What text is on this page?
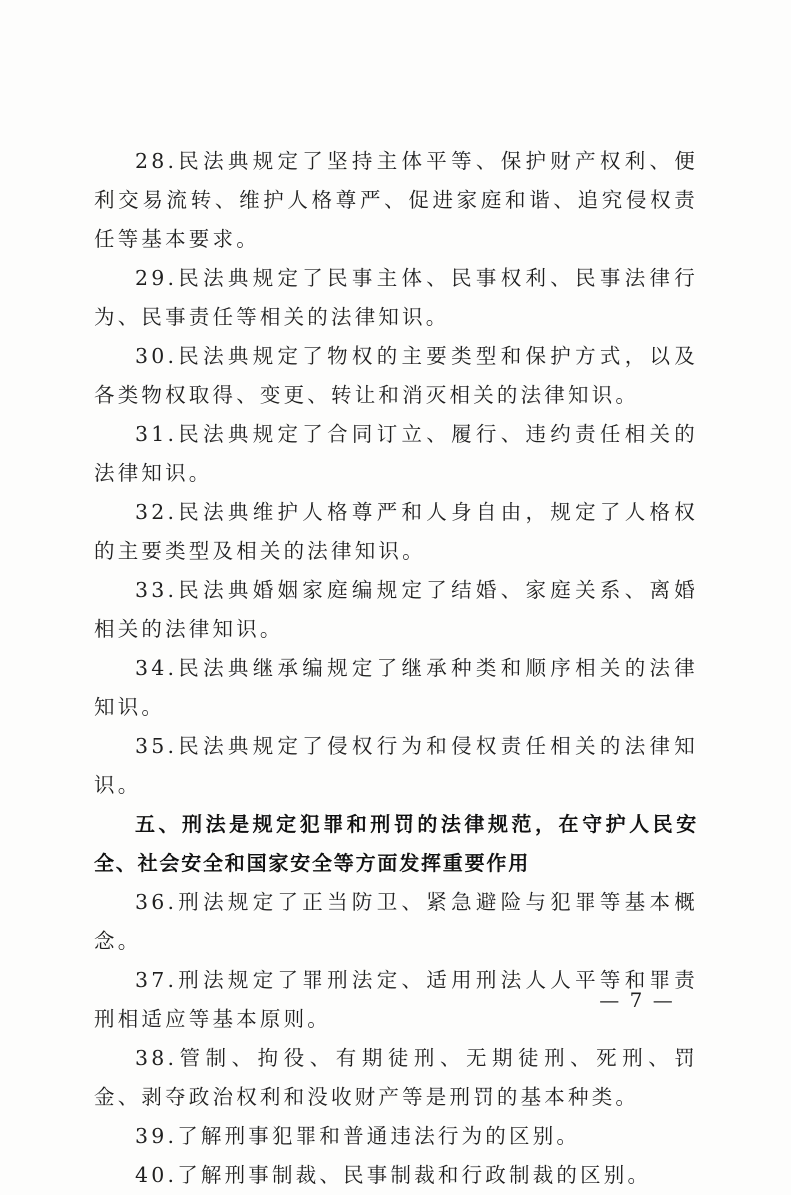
28.民法典规定了坚持主体平等、保护财产权利、便利交易流转、维护人格尊严、促进家庭和谐、追究侵权责任等基本要求。

29.民法典规定了民事主体、民事权利、民事法律行为、民事责任等相关的法律知识。

30.民法典规定了物权的主要类型和保护方式，以及各类物权取得、变更、转让和消灭相关的法律知识。

31.民法典规定了合同订立、履行、违约责任相关的法律知识。

32.民法典维护人格尊严和人身自由，规定了人格权的主要类型及相关的法律知识。

33.民法典婚姻家庭编规定了结婚、家庭关系、离婚相关的法律知识。

34.民法典继承编规定了继承种类和顺序相关的法律知识。

35.民法典规定了侵权行为和侵权责任相关的法律知识。

五、刑法是规定犯罪和刑罚的法律规范，在守护人民安全、社会安全和国家安全等方面发挥重要作用

36.刑法规定了正当防卫、紧急避险与犯罪等基本概念。

37.刑法规定了罪刑法定、适用刑法人人平等和罪责刑相适应等基本原则。

38.管制、拘役、有期徒刑、无期徒刑、死刑、罚金、剥夺政治权利和没收财产等是刑罚的基本种类。

39.了解刑事犯罪和普通违法行为的区别。

40.了解刑事制裁、民事制裁和行政制裁的区别。

— 7 —
